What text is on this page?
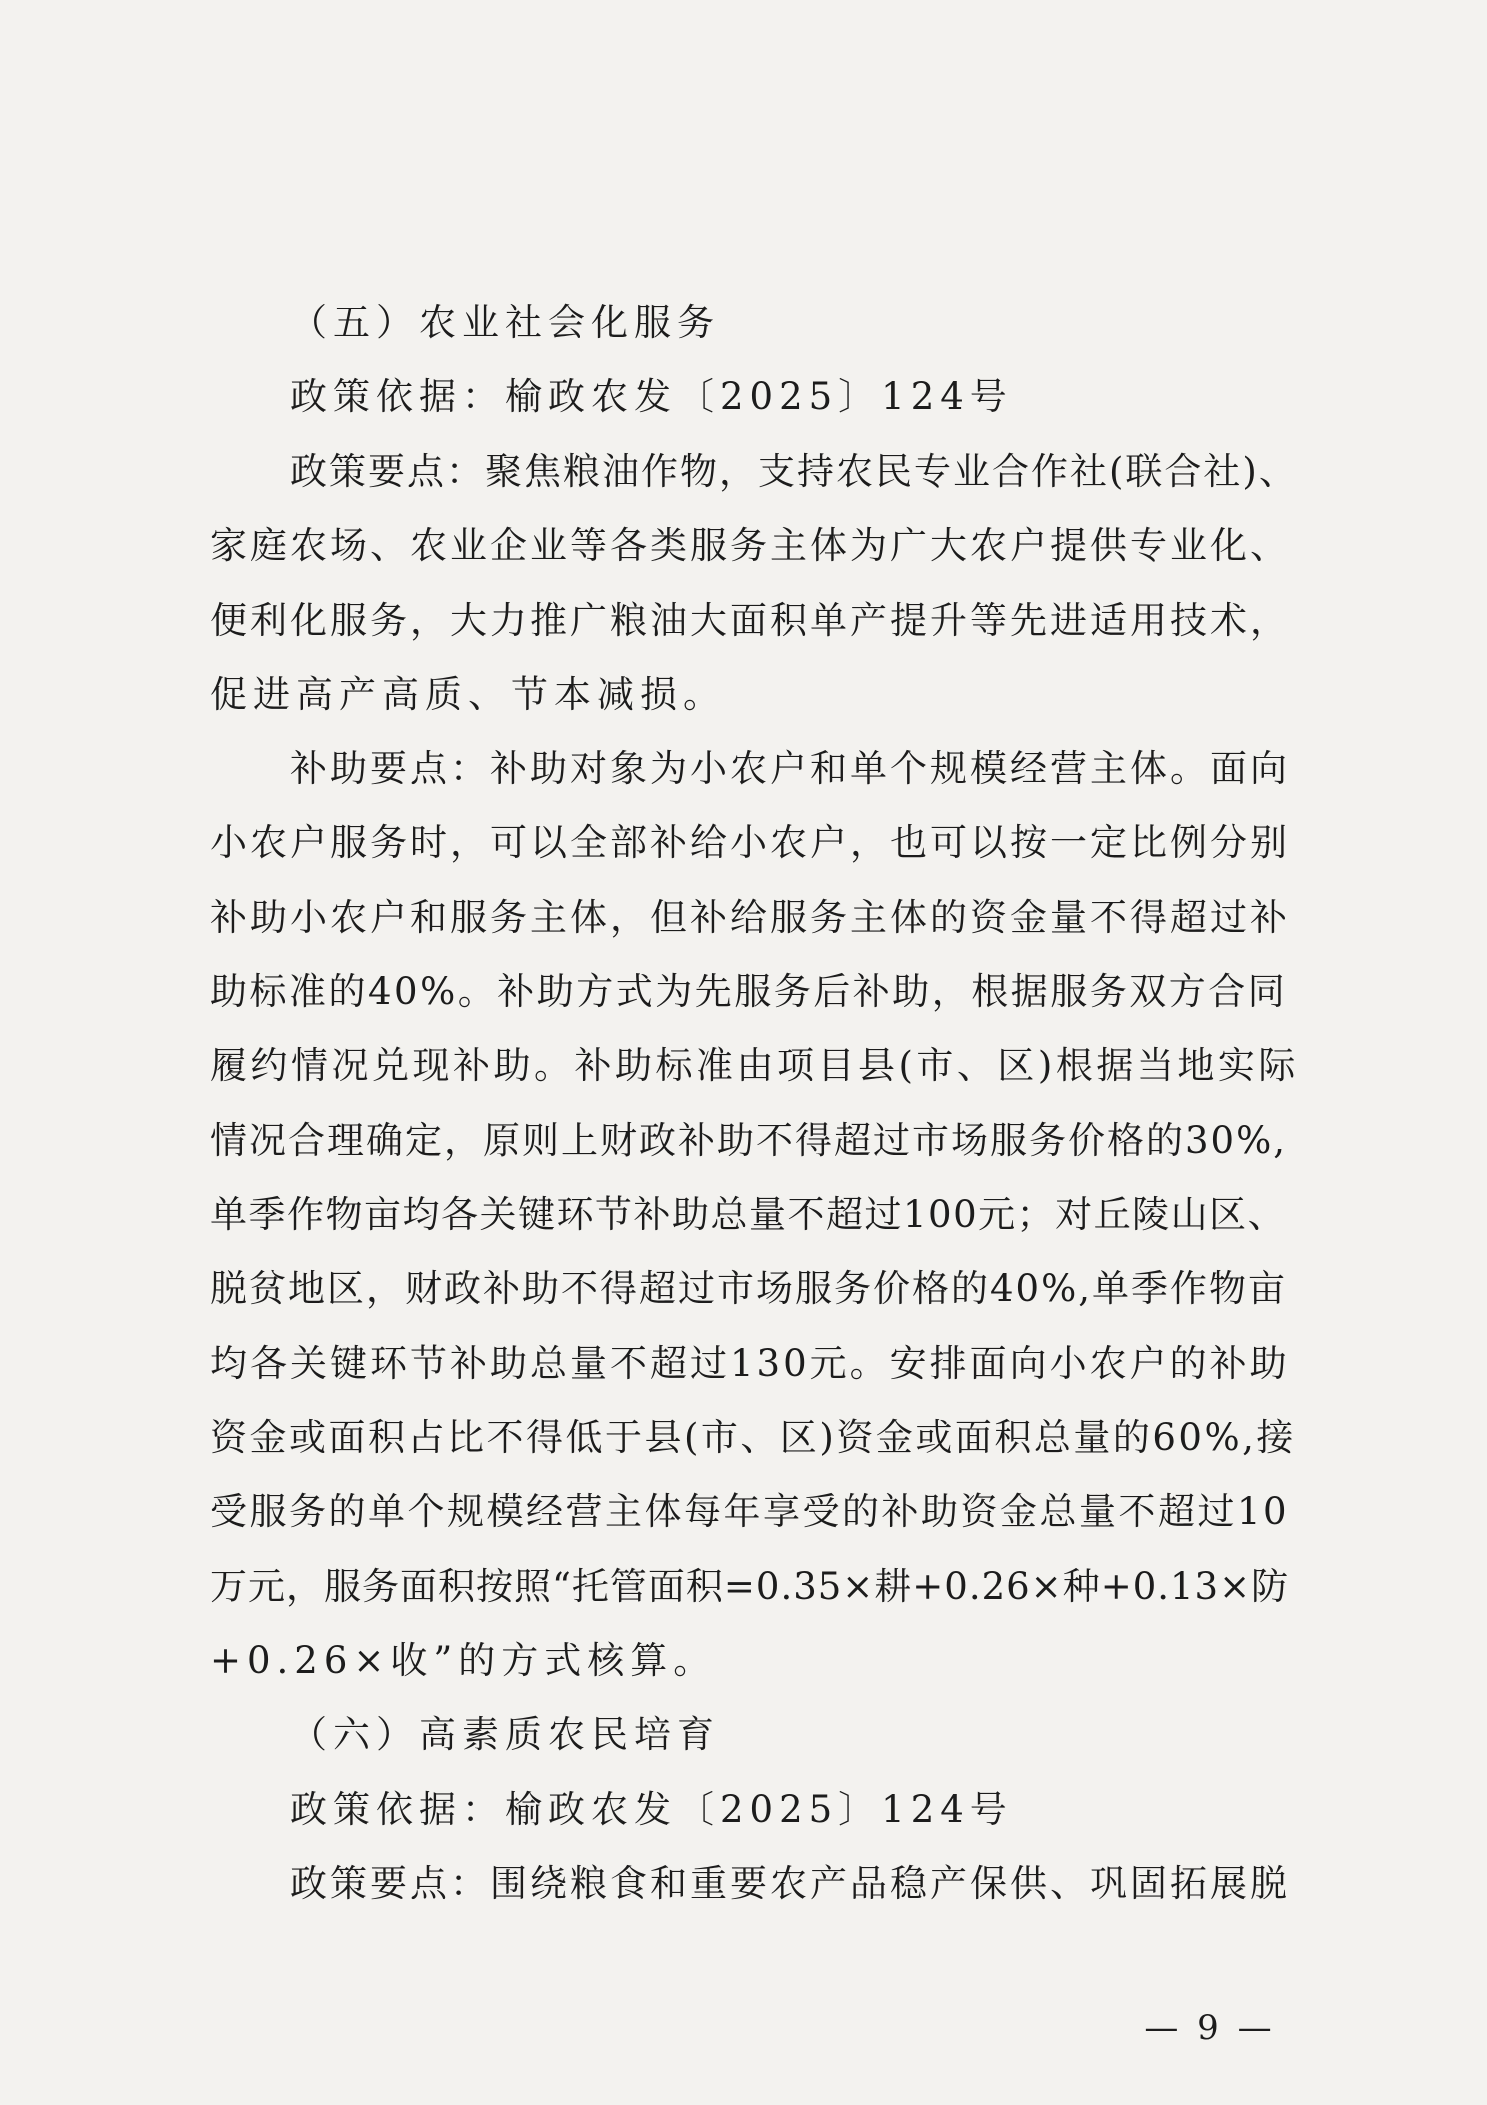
（五）农业社会化服务
政策依据：榆政农发〔2025〕124号
政策要点：聚焦粮油作物，支持农民专业合作社(联合社)、
家庭农场、农业企业等各类服务主体为广大农户提供专业化、
便利化服务，大力推广粮油大面积单产提升等先进适用技术，
促进高产高质、节本减损。
补助要点：补助对象为小农户和单个规模经营主体。面向
小农户服务时，可以全部补给小农户，也可以按一定比例分别
补助小农户和服务主体，但补给服务主体的资金量不得超过补
助标准的40%。补助方式为先服务后补助，根据服务双方合同
履约情况兑现补助。补助标准由项目县(市、区)根据当地实际
情况合理确定，原则上财政补助不得超过市场服务价格的30%,
单季作物亩均各关键环节补助总量不超过100元；对丘陵山区、
脱贫地区，财政补助不得超过市场服务价格的40%,单季作物亩
均各关键环节补助总量不超过130元。安排面向小农户的补助
资金或面积占比不得低于县(市、区)资金或面积总量的60%,接
受服务的单个规模经营主体每年享受的补助资金总量不超过10
万元，服务面积按照“托管面积=0.35×耕+0.26×种+0.13×防
+0.26×收”的方式核算。
（六）高素质农民培育
政策依据：榆政农发〔2025〕124号
政策要点：围绕粮食和重要农产品稳产保供、巩固拓展脱
— 9 —
